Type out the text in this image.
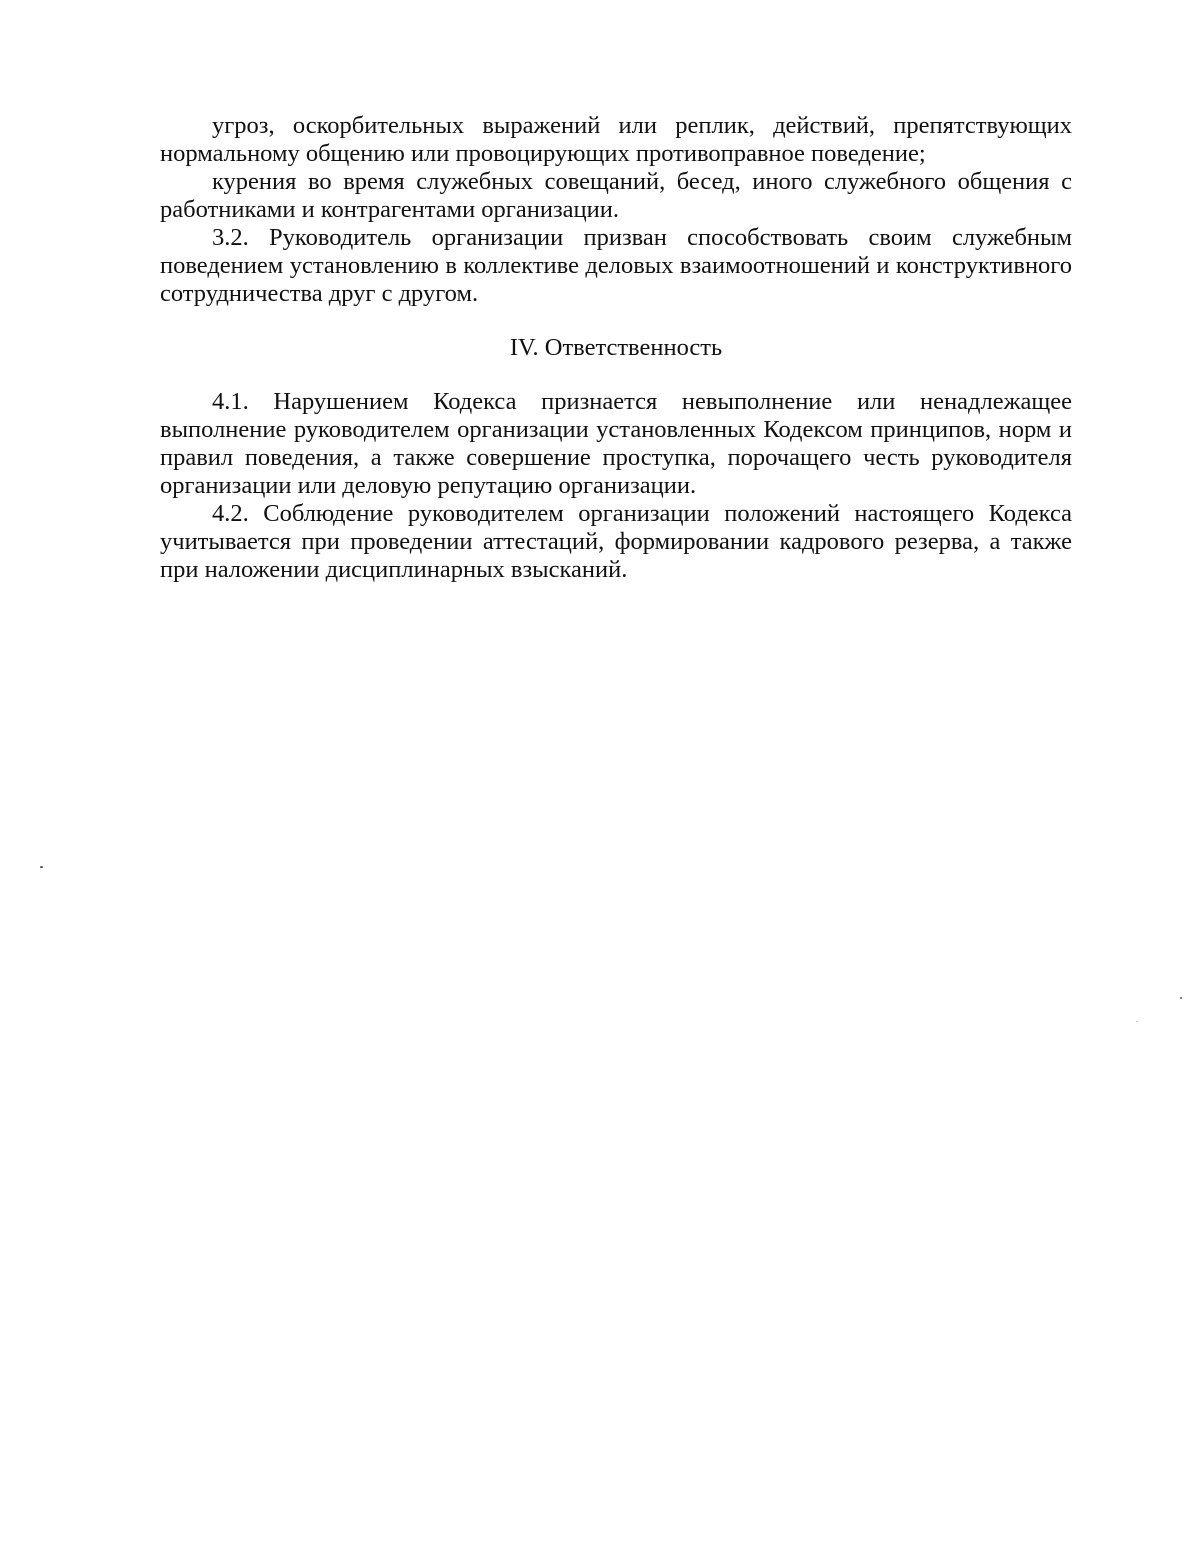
угроз, оскорбительных выражений или реплик, действий, препятствующих нормальному общению или провоцирующих противоправное поведение;

курения во время служебных совещаний, бесед, иного служебного общения с работниками и контрагентами организации.

3.2. Руководитель организации призван способствовать своим служебным поведением установлению в коллективе деловых взаимоотношений и конструктивного сотрудничества друг с другом.

IV. Ответственность

4.1. Нарушением Кодекса признается невыполнение или ненадлежащее выполнение руководителем организации установленных Кодексом принципов, норм и правил поведения, а также совершение проступка, порочащего честь руководителя организации или деловую репутацию организации.

4.2. Соблюдение руководителем организации положений настоящего Кодекса учитывается при проведении аттестаций, формировании кадрового резерва, а также при наложении дисциплинарных взысканий.
